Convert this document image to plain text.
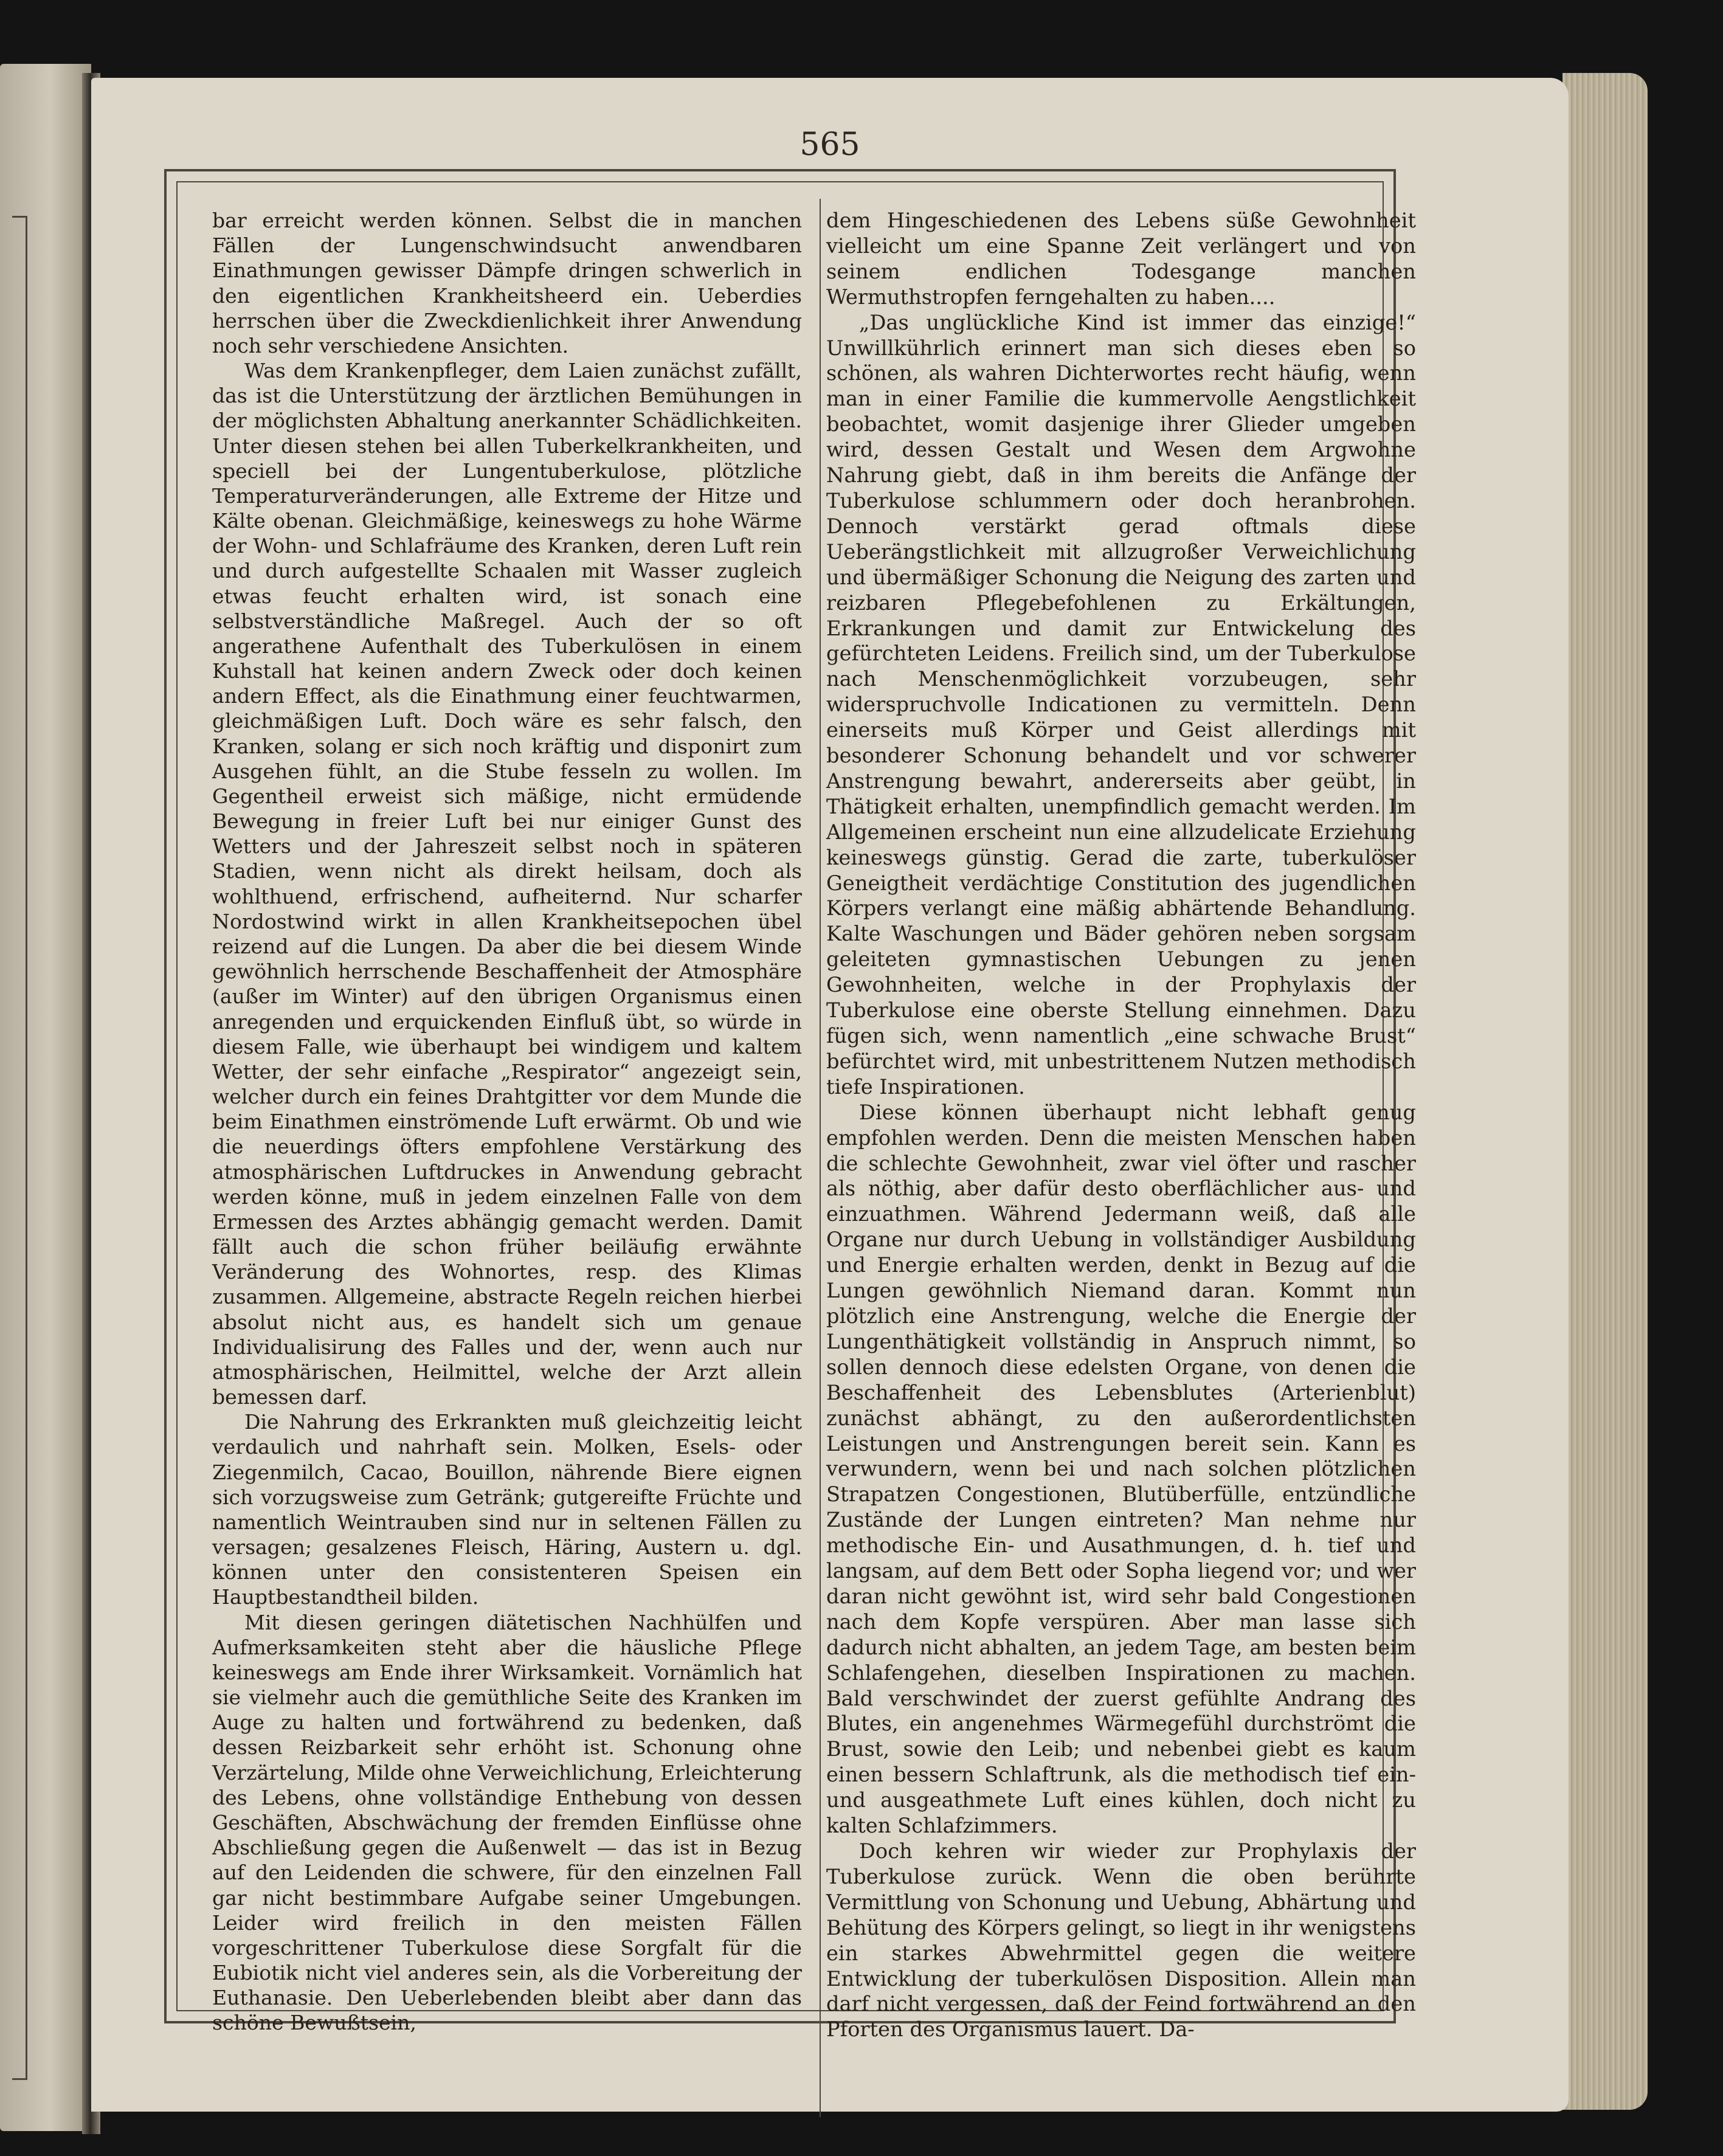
565

bar erreicht werden können. Selbst die in manchen Fällen der Lungenschwindsucht anwendbaren Einathmungen gewisser Dämpfe dringen schwerlich in den eigentlichen Krankheitsheerd ein. Ueberdies herrschen über die Zweckdienlichkeit ihrer Anwendung noch sehr verschiedene Ansichten.

Was dem Krankenpfleger, dem Laien zunächst zufällt, das ist die Unterstützung der ärztlichen Bemühungen in der möglichsten Abhaltung anerkannter Schädlichkeiten. Unter diesen stehen bei allen Tuberkelkrankheiten, und speciell bei der Lungentuberkulose, plötzliche Temperaturveränderungen, alle Extreme der Hitze und Kälte obenan. Gleichmäßige, keineswegs zu hohe Wärme der Wohn- und Schlafräume des Kranken, deren Luft rein und durch aufgestellte Schaalen mit Wasser zugleich etwas feucht erhalten wird, ist sonach eine selbstverständliche Maßregel. Auch der so oft angerathene Aufenthalt des Tuberkulösen in einem Kuhstall hat keinen andern Zweck oder doch keinen andern Effect, als die Einathmung einer feuchtwarmen, gleichmäßigen Luft. Doch wäre es sehr falsch, den Kranken, solang er sich noch kräftig und disponirt zum Ausgehen fühlt, an die Stube fesseln zu wollen. Im Gegentheil erweist sich mäßige, nicht ermüdende Bewegung in freier Luft bei nur einiger Gunst des Wetters und der Jahreszeit selbst noch in späteren Stadien, wenn nicht als direkt heilsam, doch als wohlthuend, erfrischend, aufheiternd. Nur scharfer Nordostwind wirkt in allen Krankheitsepochen übel reizend auf die Lungen. Da aber die bei diesem Winde gewöhnlich herrschende Beschaffenheit der Atmosphäre (außer im Winter) auf den übrigen Organismus einen anregenden und erquickenden Einfluß übt, so würde in diesem Falle, wie überhaupt bei windigem und kaltem Wetter, der sehr einfache „Respirator“ angezeigt sein, welcher durch ein feines Drahtgitter vor dem Munde die beim Einathmen einströmende Luft erwärmt. Ob und wie die neuerdings öfters empfohlene Verstärkung des atmosphärischen Luftdruckes in Anwendung gebracht werden könne, muß in jedem einzelnen Falle von dem Ermessen des Arztes abhängig gemacht werden. Damit fällt auch die schon früher beiläufig erwähnte Veränderung des Wohnortes, resp. des Klimas zusammen. Allgemeine, abstracte Regeln reichen hierbei absolut nicht aus, es handelt sich um genaue Individualisirung des Falles und der, wenn auch nur atmosphärischen, Heilmittel, welche der Arzt allein bemessen darf.

Die Nahrung des Erkrankten muß gleichzeitig leicht verdaulich und nahrhaft sein. Molken, Esels- oder Ziegenmilch, Cacao, Bouillon, nährende Biere eignen sich vorzugsweise zum Getränk; gutgereifte Früchte und namentlich Weintrauben sind nur in seltenen Fällen zu versagen; gesalzenes Fleisch, Häring, Austern u. dgl. können unter den consistenteren Speisen ein Hauptbestandtheil bilden.

Mit diesen geringen diätetischen Nachhülfen und Aufmerksamkeiten steht aber die häusliche Pflege keineswegs am Ende ihrer Wirksamkeit. Vornämlich hat sie vielmehr auch die gemüthliche Seite des Kranken im Auge zu halten und fortwährend zu bedenken, daß dessen Reizbarkeit sehr erhöht ist. Schonung ohne Verzärtelung, Milde ohne Verweichlichung, Erleichterung des Lebens, ohne vollständige Enthebung von dessen Geschäften, Abschwächung der fremden Einflüsse ohne Abschließung gegen die Außenwelt — das ist in Bezug auf den Leidenden die schwere, für den einzelnen Fall gar nicht bestimmbare Aufgabe seiner Umgebungen. Leider wird freilich in den meisten Fällen vorgeschrittener Tuberkulose diese Sorgfalt für die Eubiotik nicht viel anderes sein, als die Vorbereitung der Euthanasie. Den Ueberlebenden bleibt aber dann das schöne Bewußtsein,

dem Hingeschiedenen des Lebens süße Gewohnheit vielleicht um eine Spanne Zeit verlängert und von seinem endlichen Todesgange manchen Wermuthstropfen ferngehalten zu haben....

„Das unglückliche Kind ist immer das einzige!“ Unwillkührlich erinnert man sich dieses eben so schönen, als wahren Dichterwortes recht häufig, wenn man in einer Familie die kummervolle Aengstlichkeit beobachtet, womit dasjenige ihrer Glieder umgeben wird, dessen Gestalt und Wesen dem Argwohne Nahrung giebt, daß in ihm bereits die Anfänge der Tuberkulose schlummern oder doch heranbrohen. Dennoch verstärkt gerad oftmals diese Ueberängstlichkeit mit allzugroßer Verweichlichung und übermäßiger Schonung die Neigung des zarten und reizbaren Pflegebefohlenen zu Erkältungen, Erkrankungen und damit zur Entwickelung des gefürchteten Leidens. Freilich sind, um der Tuberkulose nach Menschenmöglichkeit vorzubeugen, sehr widerspruchvolle Indicationen zu vermitteln. Denn einerseits muß Körper und Geist allerdings mit besonderer Schonung behandelt und vor schwerer Anstrengung bewahrt, andererseits aber geübt, in Thätigkeit erhalten, unempfindlich gemacht werden. Im Allgemeinen erscheint nun eine allzudelicate Erziehung keineswegs günstig. Gerad die zarte, tuberkulöser Geneigtheit verdächtige Constitution des jugendlichen Körpers verlangt eine mäßig abhärtende Behandlung. Kalte Waschungen und Bäder gehören neben sorgsam geleiteten gymnastischen Uebungen zu jenen Gewohnheiten, welche in der Prophylaxis der Tuberkulose eine oberste Stellung einnehmen. Dazu fügen sich, wenn namentlich „eine schwache Brust“ befürchtet wird, mit unbestrittenem Nutzen methodisch tiefe Inspirationen.

Diese können überhaupt nicht lebhaft genug empfohlen werden. Denn die meisten Menschen haben die schlechte Gewohnheit, zwar viel öfter und rascher als nöthig, aber dafür desto oberflächlicher aus- und einzuathmen. Während Jedermann weiß, daß alle Organe nur durch Uebung in vollständiger Ausbildung und Energie erhalten werden, denkt in Bezug auf die Lungen gewöhnlich Niemand daran. Kommt nun plötzlich eine Anstrengung, welche die Energie der Lungenthätigkeit vollständig in Anspruch nimmt, so sollen dennoch diese edelsten Organe, von denen die Beschaffenheit des Lebensblutes (Arterienblut) zunächst abhängt, zu den außerordentlichsten Leistungen und Anstrengungen bereit sein. Kann es verwundern, wenn bei und nach solchen plötzlichen Strapatzen Congestionen, Blutüberfülle, entzündliche Zustände der Lungen eintreten? Man nehme nur methodische Ein- und Ausathmungen, d. h. tief und langsam, auf dem Bett oder Sopha liegend vor; und wer daran nicht gewöhnt ist, wird sehr bald Congestionen nach dem Kopfe verspüren. Aber man lasse sich dadurch nicht abhalten, an jedem Tage, am besten beim Schlafengehen, dieselben Inspirationen zu machen. Bald verschwindet der zuerst gefühlte Andrang des Blutes, ein angenehmes Wärmegefühl durchströmt die Brust, sowie den Leib; und nebenbei giebt es kaum einen bessern Schlaftrunk, als die methodisch tief ein- und ausgeathmete Luft eines kühlen, doch nicht zu kalten Schlafzimmers.

Doch kehren wir wieder zur Prophylaxis der Tuberkulose zurück. Wenn die oben berührte Vermittlung von Schonung und Uebung, Abhärtung und Behütung des Körpers gelingt, so liegt in ihr wenigstens ein starkes Abwehrmittel gegen die weitere Entwicklung der tuberkulösen Disposition. Allein man darf nicht vergessen, daß der Feind fortwährend an den Pforten des Organismus lauert. Da-
